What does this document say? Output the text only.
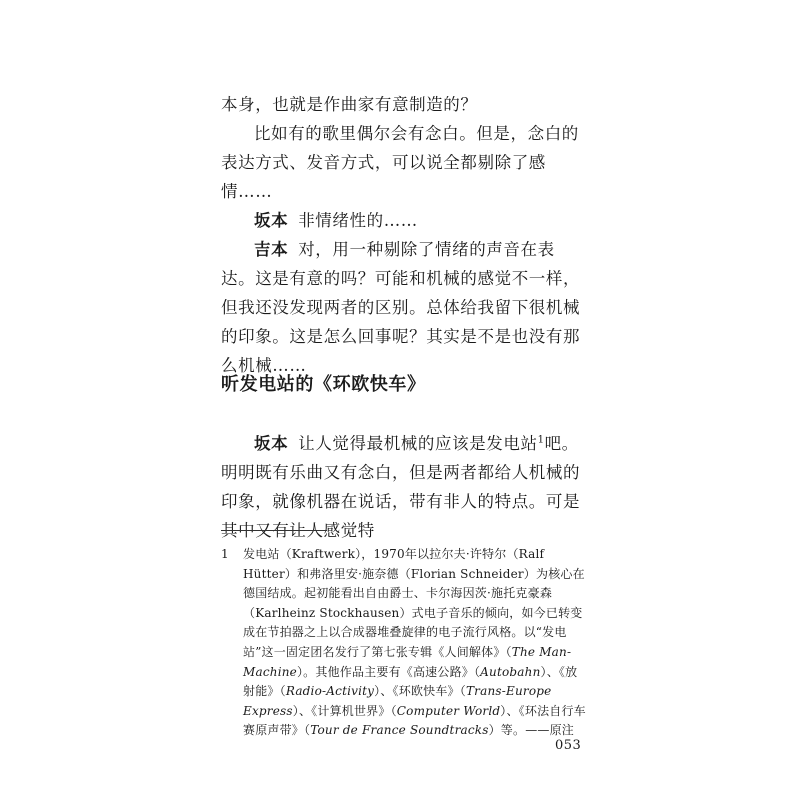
本身，也就是作曲家有意制造的？

比如有的歌里偶尔会有念白。但是，念白的表达方式、发音方式，可以说全都剔除了感情……

坂本 非情绪性的……

吉本 对，用一种剔除了情绪的声音在表达。这是有意的吗？可能和机械的感觉不一样，但我还没发现两者的区别。总体给我留下很机械的印象。这是怎么回事呢？其实是不是也没有那么机械……

听发电站的《环欧快车》

坂本 让人觉得最机械的应该是发电站$^1$吧。明明既有乐曲又有念白，但是两者都给人机械的印象，就像机器在说话，带有非人的特点。可是其中又有让人感觉特

1 发电站（Kraftwerk），1970年以拉尔夫·许特尔（Ralf Hütter）和弗洛里安·施奈德（Florian Schneider）为核心在德国结成。起初能看出自由爵士、卡尔海因茨·施托克豪森（Karlheinz Stockhausen）式电子音乐的倾向，如今已转变成在节拍器之上以合成器堆叠旋律的电子流行风格。以“发电站”这一固定团名发行了第七张专辑《人间解体》（The Man-Machine）。其他作品主要有《高速公路》（Autobahn）、《放射能》（Radio-Activity）、《环欧快车》（Trans-Europe Express）、《计算机世界》（Computer World）、《环法自行车赛原声带》（Tour de France Soundtracks）等。——原注

053
